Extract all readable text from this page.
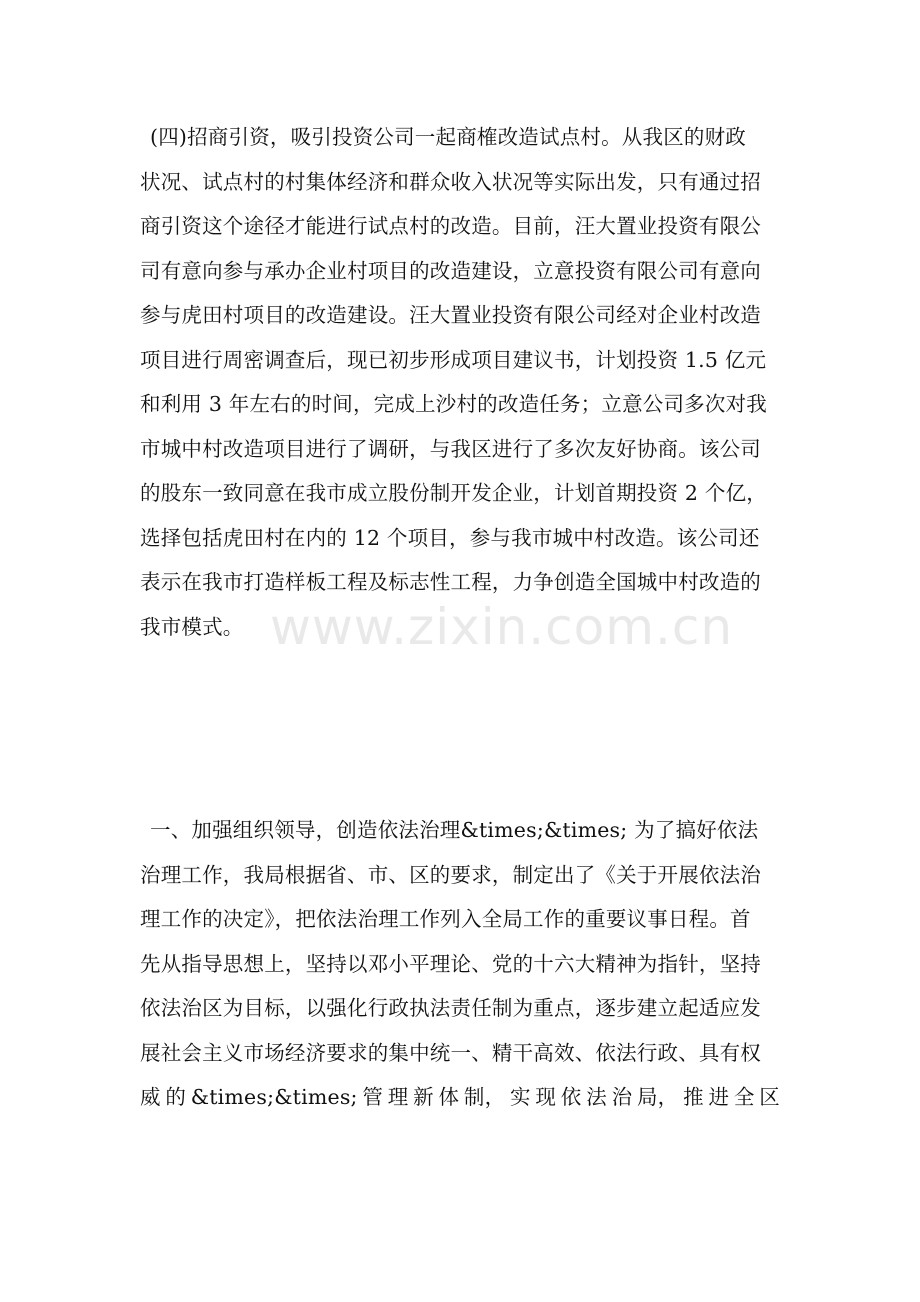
www.zixin.com.cn
(四)招商引资，吸引投资公司一起商榷改造试点村。从我区的财政
状况、试点村的村集体经济和群众收入状况等实际出发，只有通过招
商引资这个途径才能进行试点村的改造。目前，汪大置业投资有限公
司有意向参与承办企业村项目的改造建设，立意投资有限公司有意向
参与虎田村项目的改造建设。汪大置业投资有限公司经对企业村改造
项目进行周密调查后，现已初步形成项目建议书，计划投资 1.5 亿元
和利用 3 年左右的时间，完成上沙村的改造任务；立意公司多次对我
市城中村改造项目进行了调研，与我区进行了多次友好协商。该公司
的股东一致同意在我市成立股份制开发企业，计划首期投资 2 个亿，
选择包括虎田村在内的 12 个项目，参与我市城中村改造。该公司还
表示在我市打造样板工程及标志性工程，力争创造全国城中村改造的
我市模式。
一、加强组织领导，创造依法治理&times;&times; 为了搞好依法
治理工作，我局根据省、市、区的要求，制定出了《关于开展依法治
理工作的决定》，把依法治理工作列入全局工作的重要议事日程。首
先从指导思想上，坚持以邓小平理论、党的十六大精神为指针，坚持
依法治区为目标，以强化行政执法责任制为重点，逐步建立起适应发
展社会主义市场经济要求的集中统一、精干高效、依法行政、具有权
威 的 &times;&times; 管 理 新 体 制， 实 现 依 法 治 局， 推 进 全 区
